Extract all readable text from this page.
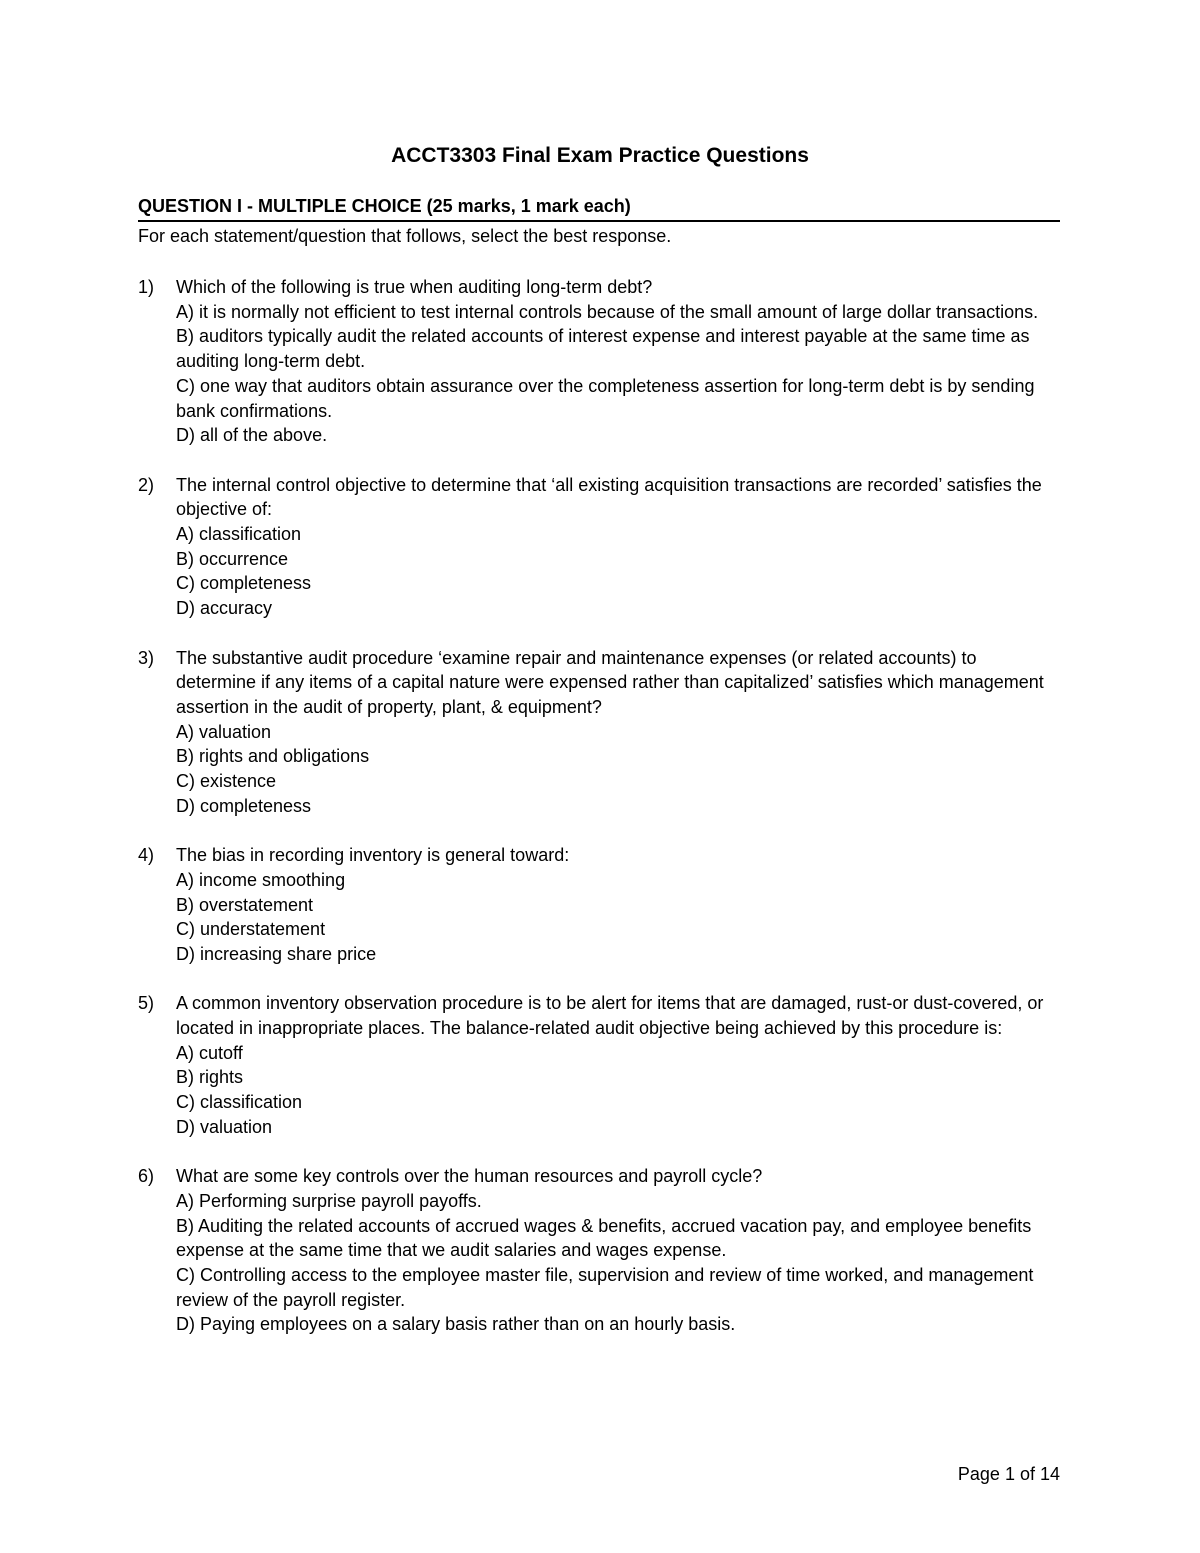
ACCT3303 Final Exam Practice Questions
QUESTION I - MULTIPLE CHOICE (25 marks, 1 mark each)
For each statement/question that follows, select the best response.
1) Which of the following is true when auditing long-term debt?
A) it is normally not efficient to test internal controls because of the small amount of large dollar transactions.
B) auditors typically audit the related accounts of interest expense and interest payable at the same time as auditing long-term debt.
C) one way that auditors obtain assurance over the completeness assertion for long-term debt is by sending bank confirmations.
D) all of the above.
2) The internal control objective to determine that ‘all existing acquisition transactions are recorded’ satisfies the objective of:
A) classification
B) occurrence
C) completeness
D) accuracy
3) The substantive audit procedure ‘examine repair and maintenance expenses (or related accounts) to determine if any items of a capital nature were expensed rather than capitalized’ satisfies which management assertion in the audit of property, plant, & equipment?
A) valuation
B) rights and obligations
C) existence
D) completeness
4) The bias in recording inventory is general toward:
A) income smoothing
B) overstatement
C) understatement
D) increasing share price
5) A common inventory observation procedure is to be alert for items that are damaged, rust-or dust-covered, or located in inappropriate places. The balance-related audit objective being achieved by this procedure is:
A) cutoff
B) rights
C) classification
D) valuation
6) What are some key controls over the human resources and payroll cycle?
A) Performing surprise payroll payoffs.
B) Auditing the related accounts of accrued wages & benefits, accrued vacation pay, and employee benefits expense at the same time that we audit salaries and wages expense.
C) Controlling access to the employee master file, supervision and review of time worked, and management review of the payroll register.
D) Paying employees on a salary basis rather than on an hourly basis.
Page 1 of 14
